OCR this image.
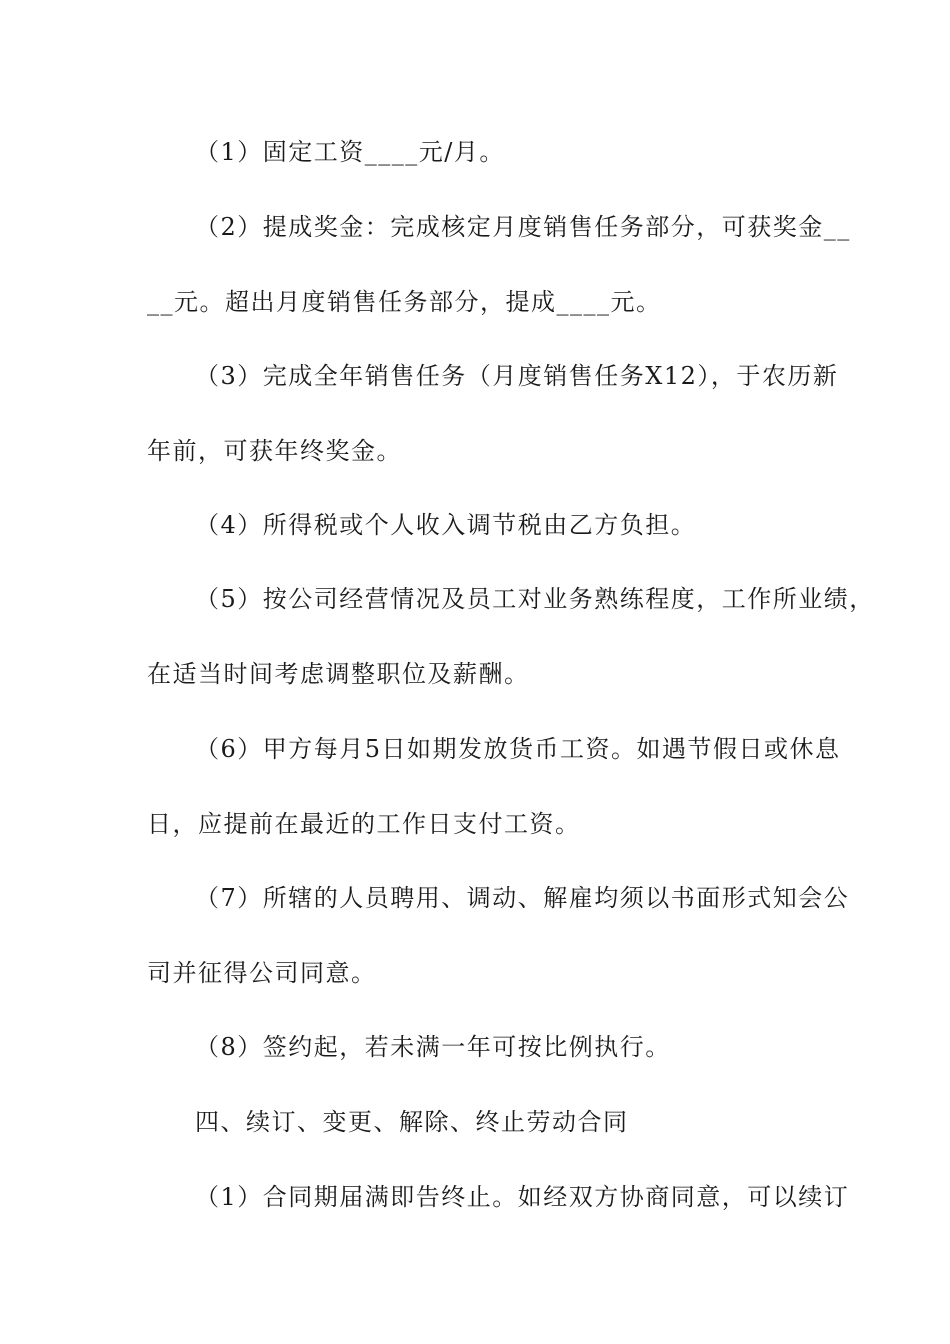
（1）固定工资____元/月。
（2）提成奖金：完成核定月度销售任务部分，可获奖金__
__元。超出月度销售任务部分，提成____元。
（3）完成全年销售任务（月度销售任务X12），于农历新
年前，可获年终奖金。
（4）所得税或个人收入调节税由乙方负担。
（5）按公司经营情况及员工对业务熟练程度，工作所业绩，
在适当时间考虑调整职位及薪酬。
（6）甲方每月5日如期发放货币工资。如遇节假日或休息
日，应提前在最近的工作日支付工资。
（7）所辖的人员聘用、调动、解雇均须以书面形式知会公
司并征得公司同意。
（8）签约起，若未满一年可按比例执行。
四、续订、变更、解除、终止劳动合同
（1）合同期届满即告终止。如经双方协商同意，可以续订
